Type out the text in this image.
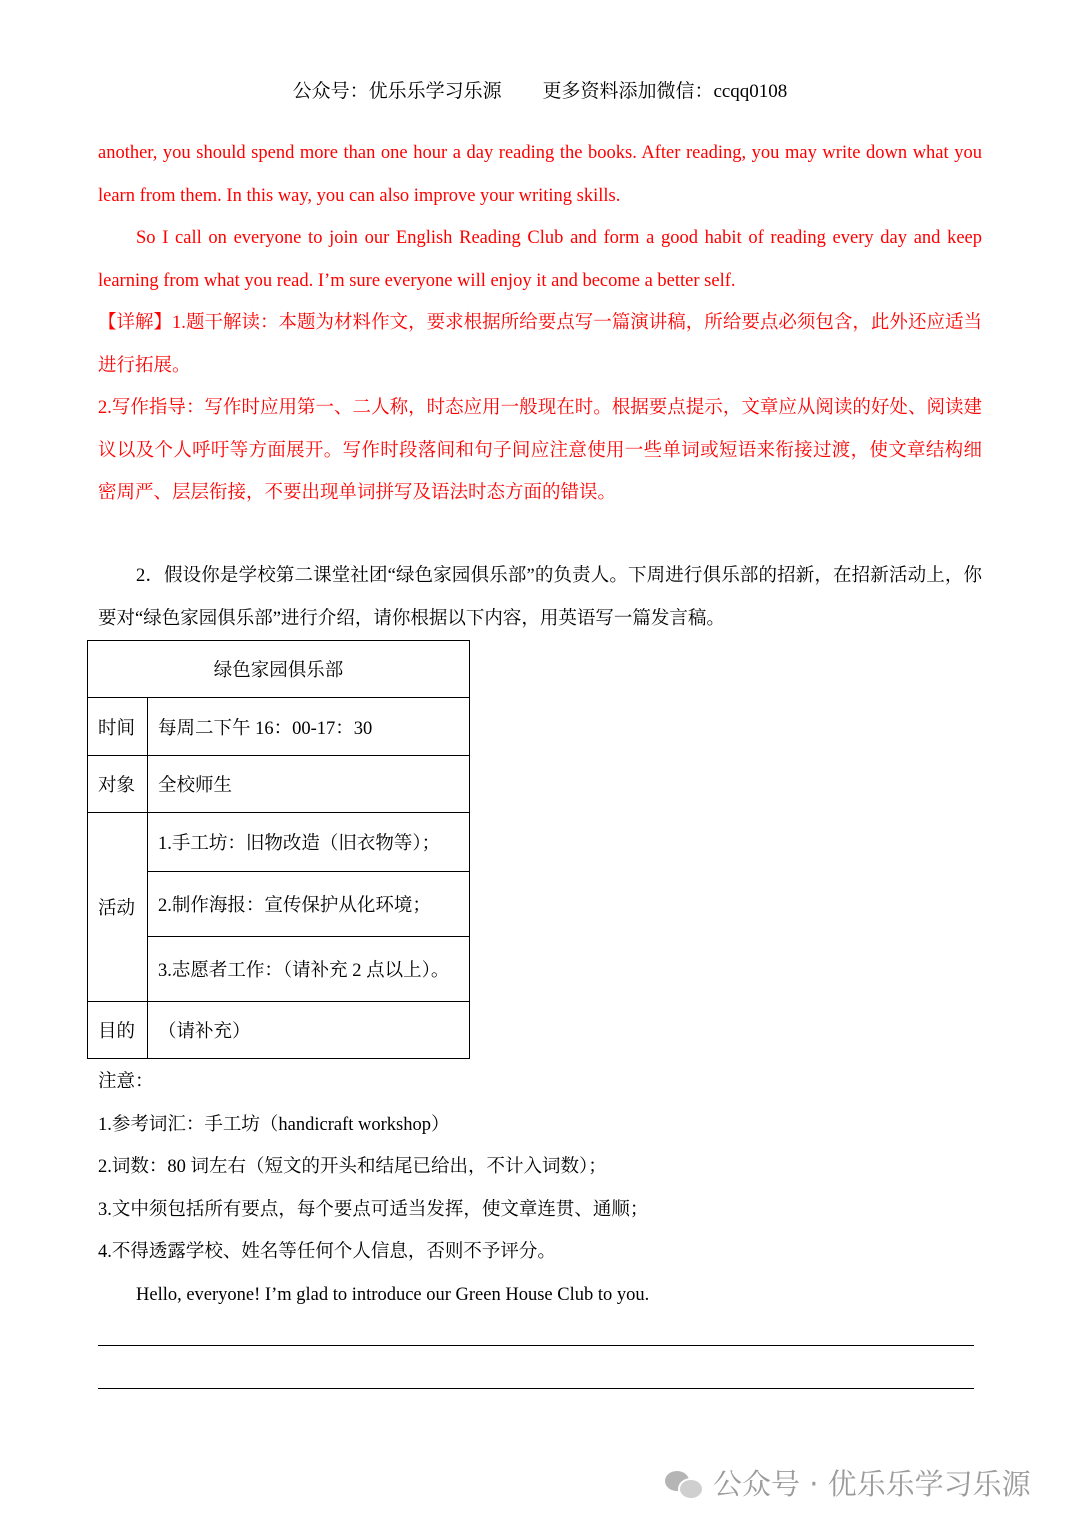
公众号：优乐乐学习乐源 更多资料添加微信：ccqq0108

another, you should spend more than one hour a day reading the books. After reading, you may write down what you learn from them. In this way, you can also improve your writing skills.

So I call on everyone to join our English Reading Club and form a good habit of reading every day and keep learning from what you read. I’m sure everyone will enjoy it and become a better self.

【详解】1.题干解读：本题为材料作文，要求根据所给要点写一篇演讲稿，所给要点必须包含，此外还应适当进行拓展。

2.写作指导：写作时应用第一、二人称，时态应用一般现在时。根据要点提示，文章应从阅读的好处、阅读建议以及个人呼吁等方面展开。写作时段落间和句子间应注意使用一些单词或短语来衔接过渡，使文章结构细密周严、层层衔接，不要出现单词拼写及语法时态方面的错误。

2．假设你是学校第二课堂社团“绿色家园俱乐部”的负责人。下周进行俱乐部的招新，在招新活动上，你要对“绿色家园俱乐部”进行介绍，请你根据以下内容，用英语写一篇发言稿。

绿色家园俱乐部	
时间	每周二下午 16：00-17：30
对象	全校师生
活动	1.手工坊：旧物改造（旧衣物等）；
	2.制作海报：宣传保护从化环境；
	3.志愿者工作：（请补充 2 点以上）。
目的	（请补充）

注意：

1.参考词汇：手工坊（handicraft workshop）

2.词数：80 词左右（短文的开头和结尾已给出，不计入词数）；

3.文中须包括所有要点，每个要点可适当发挥，使文章连贯、通顺；

4.不得透露学校、姓名等任何个人信息，否则不予评分。

Hello, everyone! I’m glad to introduce our Green House Club to you.

公众号 · 优乐乐学习乐源
